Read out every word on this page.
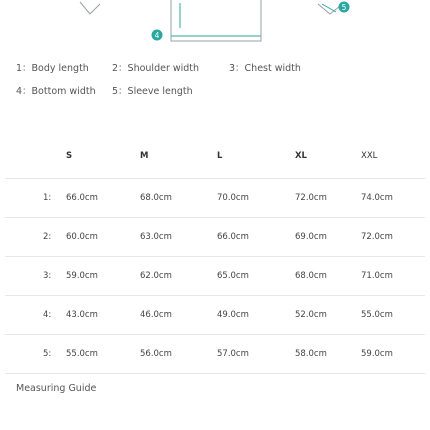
4
5
1：Body length	2：Shoulder width	3：Chest width
4：Bottom width	5：Sleeve length
	S	M	L	XL	XXL
1:	66.0cm	68.0cm	70.0cm	72.0cm	74.0cm
2:	60.0cm	63.0cm	66.0cm	69.0cm	72.0cm
3:	59.0cm	62.0cm	65.0cm	68.0cm	71.0cm
4:	43.0cm	46.0cm	49.0cm	52.0cm	55.0cm
5:	55.0cm	56.0cm	57.0cm	58.0cm	59.0cm
Measuring Guide
